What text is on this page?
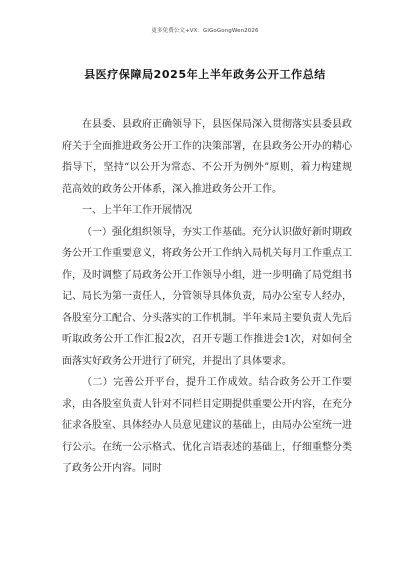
更多免费公文+VX：GiGoGongWen2026
县医疗保障局2025年上半年政务公开工作总结

在县委、县政府正确领导下，县医保局深入贯彻落实县委县政府关于全面推进政务公开工作的决策部署，在县政务公开办的精心指导下，坚持“以公开为常态、不公开为例外”原则，着力构建规范高效的政务公开体系，深入推进政务公开工作。

一、上半年工作开展情况

（一）强化组织领导，夯实工作基础。充分认识做好新时期政务公开工作重要意义，将政务公开工作纳入局机关每月工作重点工作，及时调整了局政务公开工作领导小组，进一步明确了局党组书记、局长为第一责任人，分管领导具体负责，局办公室专人经办，各股室分工配合、分头落实的工作机制。半年来局主要负责人先后听取政务公开工作汇报2次，召开专题工作推进会1次，对如何全面落实好政务公开进行了研究，并提出了具体要求。

（二）完善公开平台，提升工作成效。结合政务公开工作要求，由各股室负责人针对不同栏目定期提供重要公开内容，在充分征求各股室、具体经办人员意见建议的基础上，由局办公室统一进行公示。在统一公示格式、优化言语表述的基础上，仔细重整分类了政务公开内容。同时
